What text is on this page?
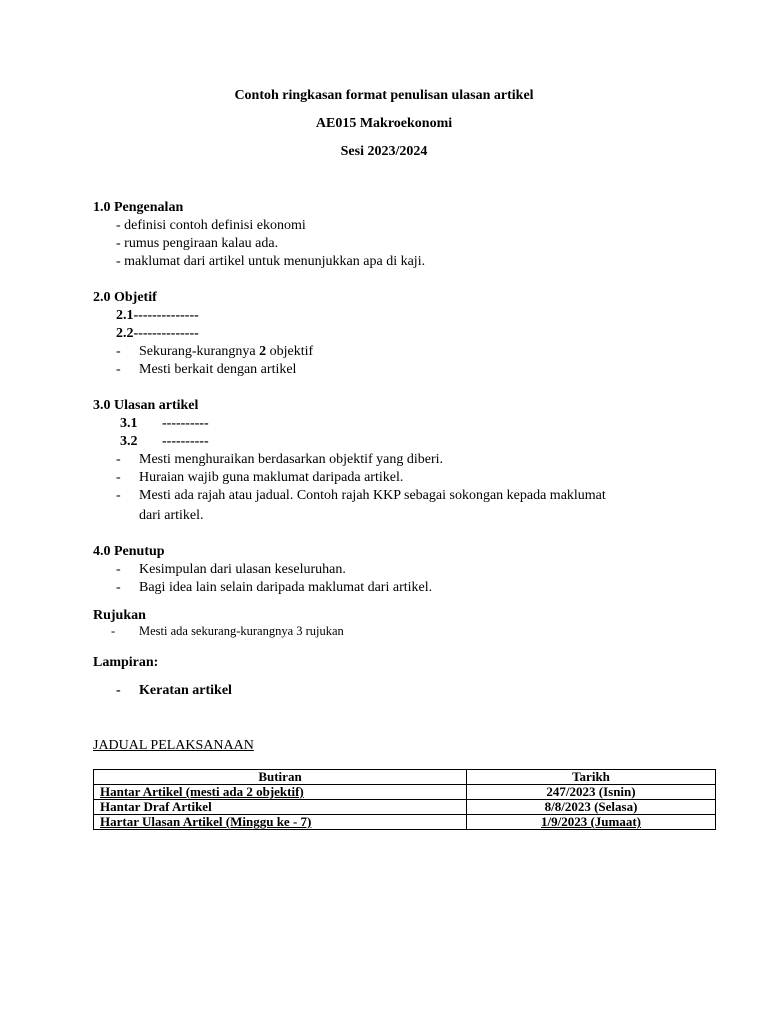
Contoh ringkasan format penulisan ulasan artikel
AE015 Makroekonomi
Sesi 2023/2024
1.0 Pengenalan
- definisi contoh definisi ekonomi
- rumus pengiraan kalau ada.
- maklumat dari artikel untuk menunjukkan apa di kaji.
2.0 Objetif
2.1--------------
2.2--------------
- Sekurang-kurangnya 2 objektif
- Mesti berkait dengan artikel
3.0 Ulasan artikel
3.1 ----------
3.2 ----------
- Mesti menghuraikan berdasarkan objektif yang diberi.
- Huraian wajib guna maklumat daripada artikel.
- Mesti ada rajah atau jadual. Contoh rajah KKP sebagai sokongan kepada maklumat
dari artikel.
4.0 Penutup
- Kesimpulan dari ulasan keseluruhan.
- Bagi idea lain selain daripada maklumat dari artikel.
Rujukan
- Mesti ada sekurang-kurangnya 3 rujukan
Lampiran:
- Keratan artikel
JADUAL PELAKSANAAN
Butiran	Tarikh
Hantar Artikel (mesti ada 2 objektif)	247/2023 (Isnin)
Hantar Draf Artikel	8/8/2023 (Selasa)
Hartar Ulasan Artikel (Minggu ke - 7)	1/9/2023 (Jumaat)
